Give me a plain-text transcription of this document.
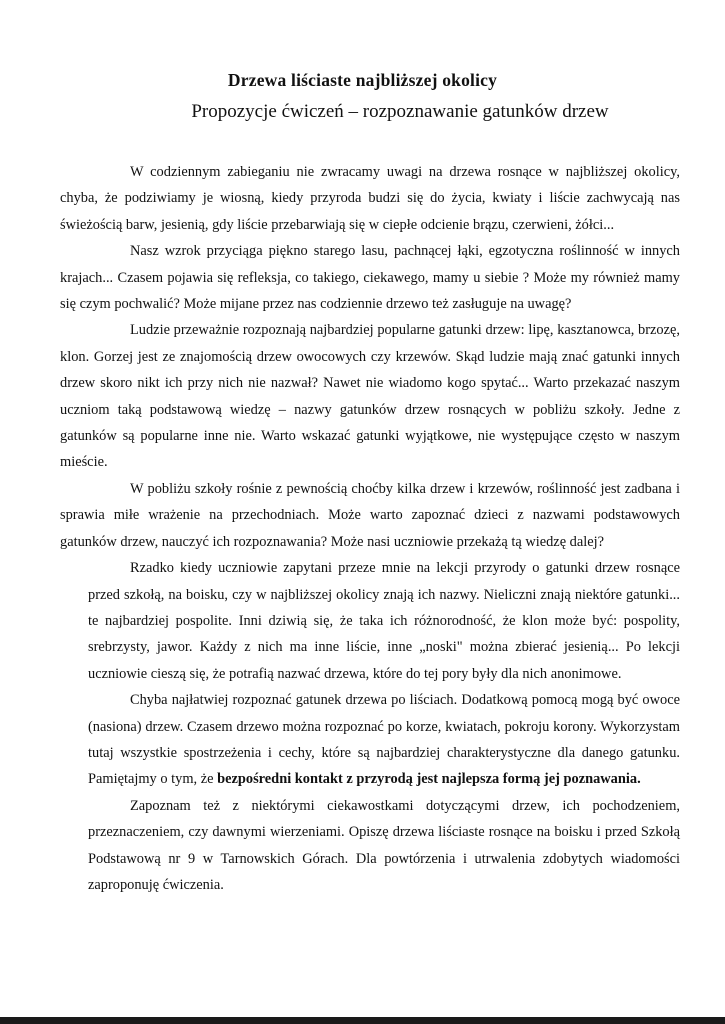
Drzewa liściaste najbliższej okolicy
Propozycje ćwiczeń – rozpoznawanie gatunków drzew

W codziennym zabieganiu nie zwracamy uwagi na drzewa rosnące w najbliższej okolicy, chyba, że podziwiamy je wiosną, kiedy przyroda budzi się do życia, kwiaty i liście zachwycają nas świeżością barw, jesienią, gdy liście przebarwiają się w ciepłe odcienie brązu, czerwieni, żółci...

Nasz wzrok przyciąga piękno starego lasu, pachnącej łąki, egzotyczna roślinność w innych krajach... Czasem pojawia się refleksja, co takiego, ciekawego, mamy u siebie ? Może my również mamy się czym pochwalić? Może mijane przez nas codziennie drzewo też zasługuje na uwagę?

Ludzie przeważnie rozpoznają najbardziej popularne gatunki drzew: lipę, kasztanowca, brzozę, klon. Gorzej jest ze znajomością drzew owocowych czy krzewów. Skąd ludzie mają znać gatunki innych drzew skoro nikt ich przy nich nie nazwał? Nawet nie wiadomo kogo spytać... Warto przekazać naszym uczniom taką podstawową wiedzę – nazwy gatunków drzew rosnących w pobliżu szkoły. Jedne z gatunków są popularne inne nie. Warto wskazać gatunki wyjątkowe, nie występujące często w naszym mieście.

W pobliżu szkoły rośnie z pewnością choćby kilka drzew i krzewów, roślinność jest zadbana i sprawia miłe wrażenie na przechodniach. Może warto zapoznać dzieci z nazwami podstawowych gatunków drzew, nauczyć ich rozpoznawania? Może nasi uczniowie przekażą tą wiedzę dalej?

Rzadko kiedy uczniowie zapytani przeze mnie na lekcji przyrody o gatunki drzew rosnące przed szkołą, na boisku, czy w najbliższej okolicy znają ich nazwy. Nieliczni znają niektóre gatunki... te najbardziej pospolite. Inni dziwią się, że taka ich różnorodność, że klon może być: pospolity, srebrzysty, jawor. Każdy z nich ma inne liście, inne „noski" można zbierać jesienią... Po lekcji uczniowie cieszą się, że potrafią nazwać drzewa, które do tej pory były dla nich anonimowe.

Chyba najłatwiej rozpoznać gatunek drzewa po liściach. Dodatkową pomocą mogą być owoce (nasiona) drzew. Czasem drzewo można rozpoznać po korze, kwiatach, pokroju korony. Wykorzystam tutaj wszystkie spostrzeżenia i cechy, które są najbardziej charakterystyczne dla danego gatunku. Pamiętajmy o tym, że bezpośredni kontakt z przyrodą jest najlepsza formą jej poznawania.

Zapoznam też z niektórymi ciekawostkami dotyczącymi drzew, ich pochodzeniem, przeznaczeniem, czy dawnymi wierzeniami. Opiszę drzewa liściaste rosnące na boisku i przed Szkołą Podstawową nr 9 w Tarnowskich Górach. Dla powtórzenia i utrwalenia zdobytych wiadomości zaproponuję ćwiczenia.
